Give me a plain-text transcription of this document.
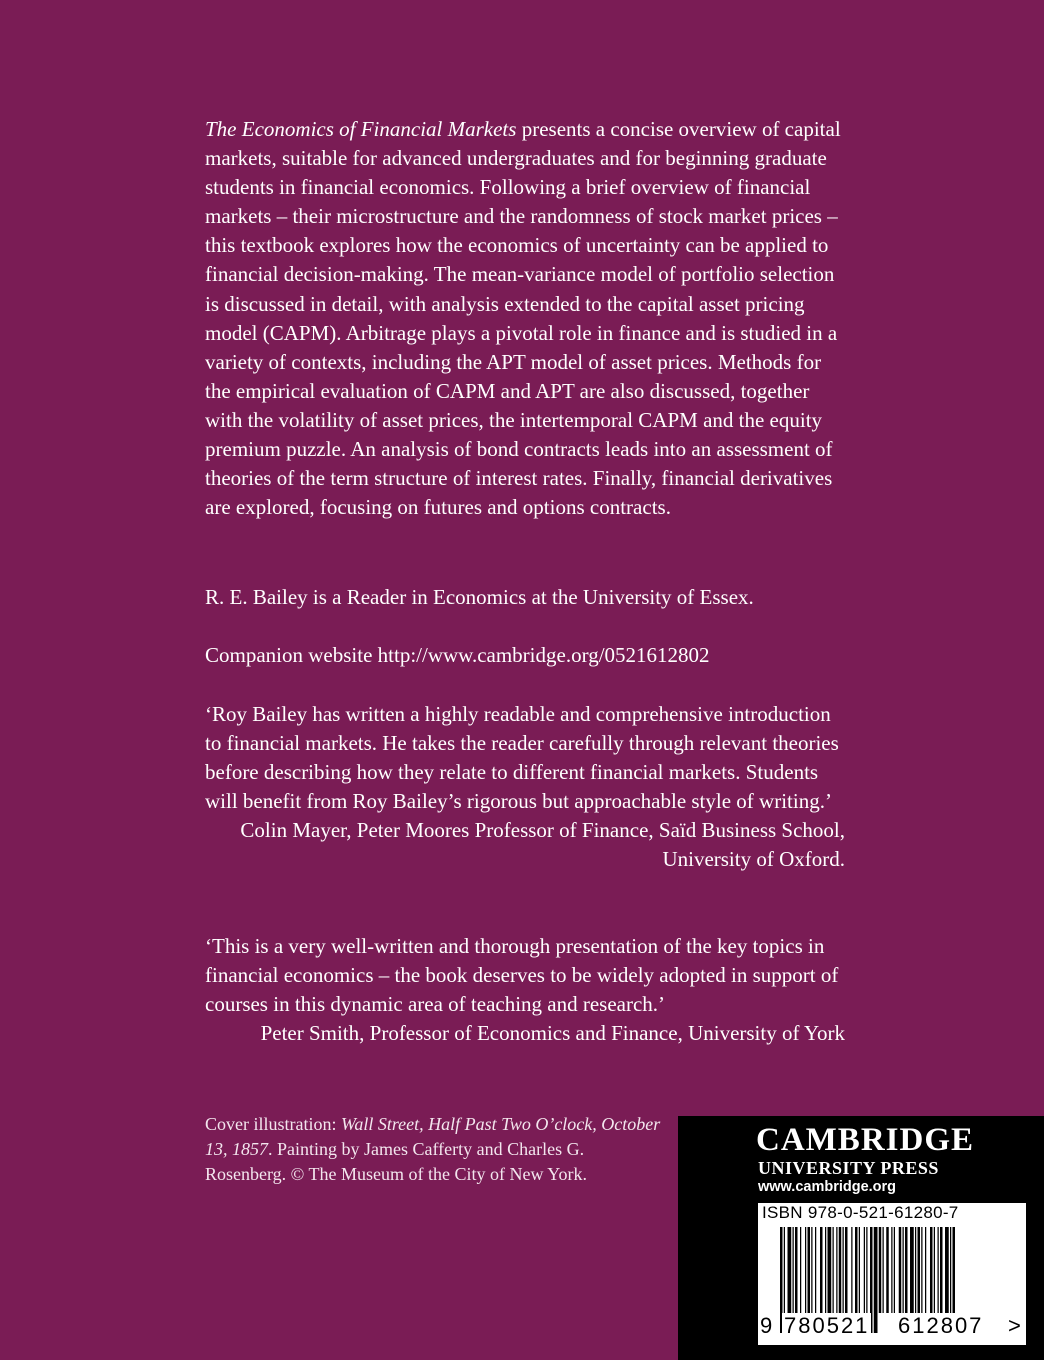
The Economics of Financial Markets presents a concise overview of capital markets, suitable for advanced undergraduates and for beginning graduate students in financial economics. Following a brief overview of financial markets – their microstructure and the randomness of stock market prices – this textbook explores how the economics of uncertainty can be applied to financial decision-making. The mean-variance model of portfolio selection is discussed in detail, with analysis extended to the capital asset pricing model (CAPM). Arbitrage plays a pivotal role in finance and is studied in a variety of contexts, including the APT model of asset prices. Methods for the empirical evaluation of CAPM and APT are also discussed, together with the volatility of asset prices, the intertemporal CAPM and the equity premium puzzle. An analysis of bond contracts leads into an assessment of theories of the term structure of interest rates. Finally, financial derivatives are explored, focusing on futures and options contracts.
R. E. Bailey is a Reader in Economics at the University of Essex.
Companion website http://www.cambridge.org/0521612802

‘Roy Bailey has written a highly readable and comprehensive introduction to financial markets. He takes the reader carefully through relevant theories before describing how they relate to different financial markets. Students will benefit from Roy Bailey’s rigorous but approachable style of writing.’

Colin Mayer, Peter Moores Professor of Finance, Saïd Business School,
University of Oxford.

‘This is a very well-written and thorough presentation of the key topics in financial economics – the book deserves to be widely adopted in support of courses in this dynamic area of teaching and research.’

Peter Smith, Professor of Economics and Finance, University of York

Cover illustration: Wall Street, Half Past Two O’clock, October 13, 1857. Painting by James Cafferty and Charles G. Rosenberg. © The Museum of the City of New York.
CAMBRIDGE
UNIVERSITY PRESS
www.cambridge.org
ISBN 978-0-521-61280-7
9 780521 612807 >
